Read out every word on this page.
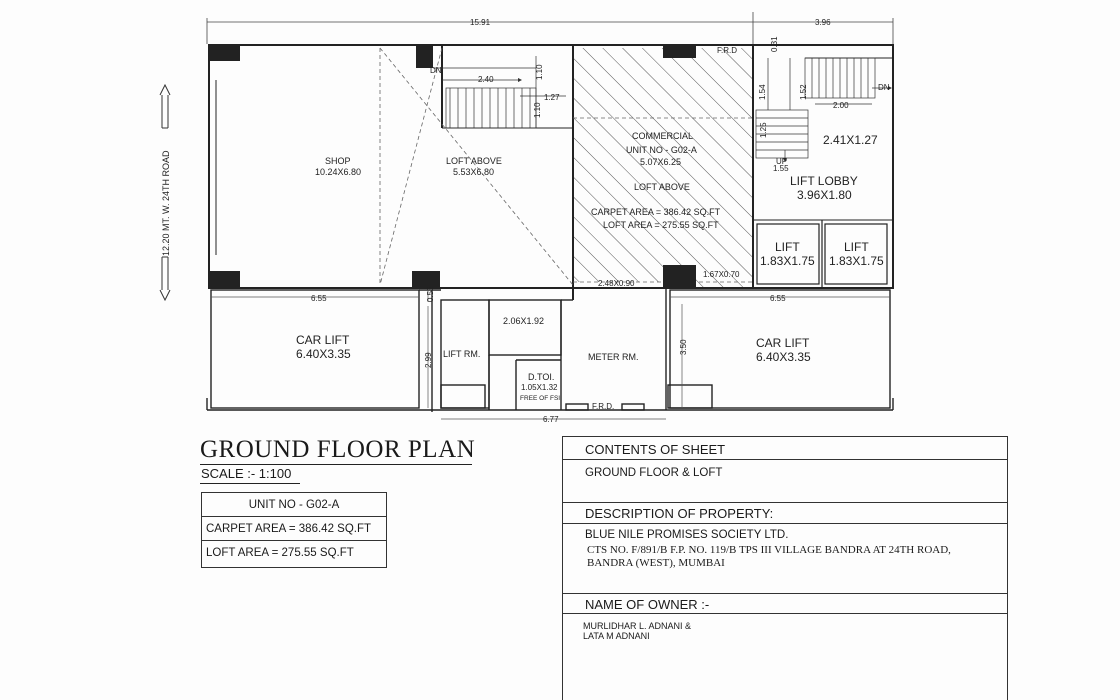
15.91	3.96
12.20 MT. W. 24TH ROAD
DN
2.40	1.10
1.27
1.10
0.31
1.54	1.52
2.00
1.25
1.55
DN
UP
F.R.D
SHOP
10.24X6.80
LOFT ABOVE
5.53X6.80
COMMERCIAL
UNIT NO - G02-A
5.07X6.25
LOFT ABOVE
CARPET AREA = 386.42 SQ.FT
LOFT AREA = 275.55 SQ.FT
2.48X0.90
1.67X0.70
2.41X1.27
LIFT LOBBY
3.96X1.80
LIFT
1.83X1.75
LIFT
1.83X1.75
6.55	6.55
CAR LIFT
6.40X3.35
CAR LIFT
6.40X3.35
0.53
2.99
3.50
LIFT RM.
2.06X1.92
D.TOI.
1.05X1.32
FREE OF FSI
METER RM.
F.R.D.
6.77
GROUND FLOOR PLAN
SCALE :- 1:100
UNIT NO - G02-A
CARPET AREA = 386.42 SQ.FT
LOFT AREA = 275.55 SQ.FT
CONTENTS OF SHEET
GROUND FLOOR & LOFT
DESCRIPTION OF PROPERTY:
BLUE NILE PROMISES SOCIETY LTD.
CTS NO. F/891/B F.P. NO. 119/B TPS III VILLAGE BANDRA AT 24TH ROAD,
BANDRA (WEST), MUMBAI
NAME OF OWNER :-
MURLIDHAR L. ADNANI &
LATA M ADNANI
